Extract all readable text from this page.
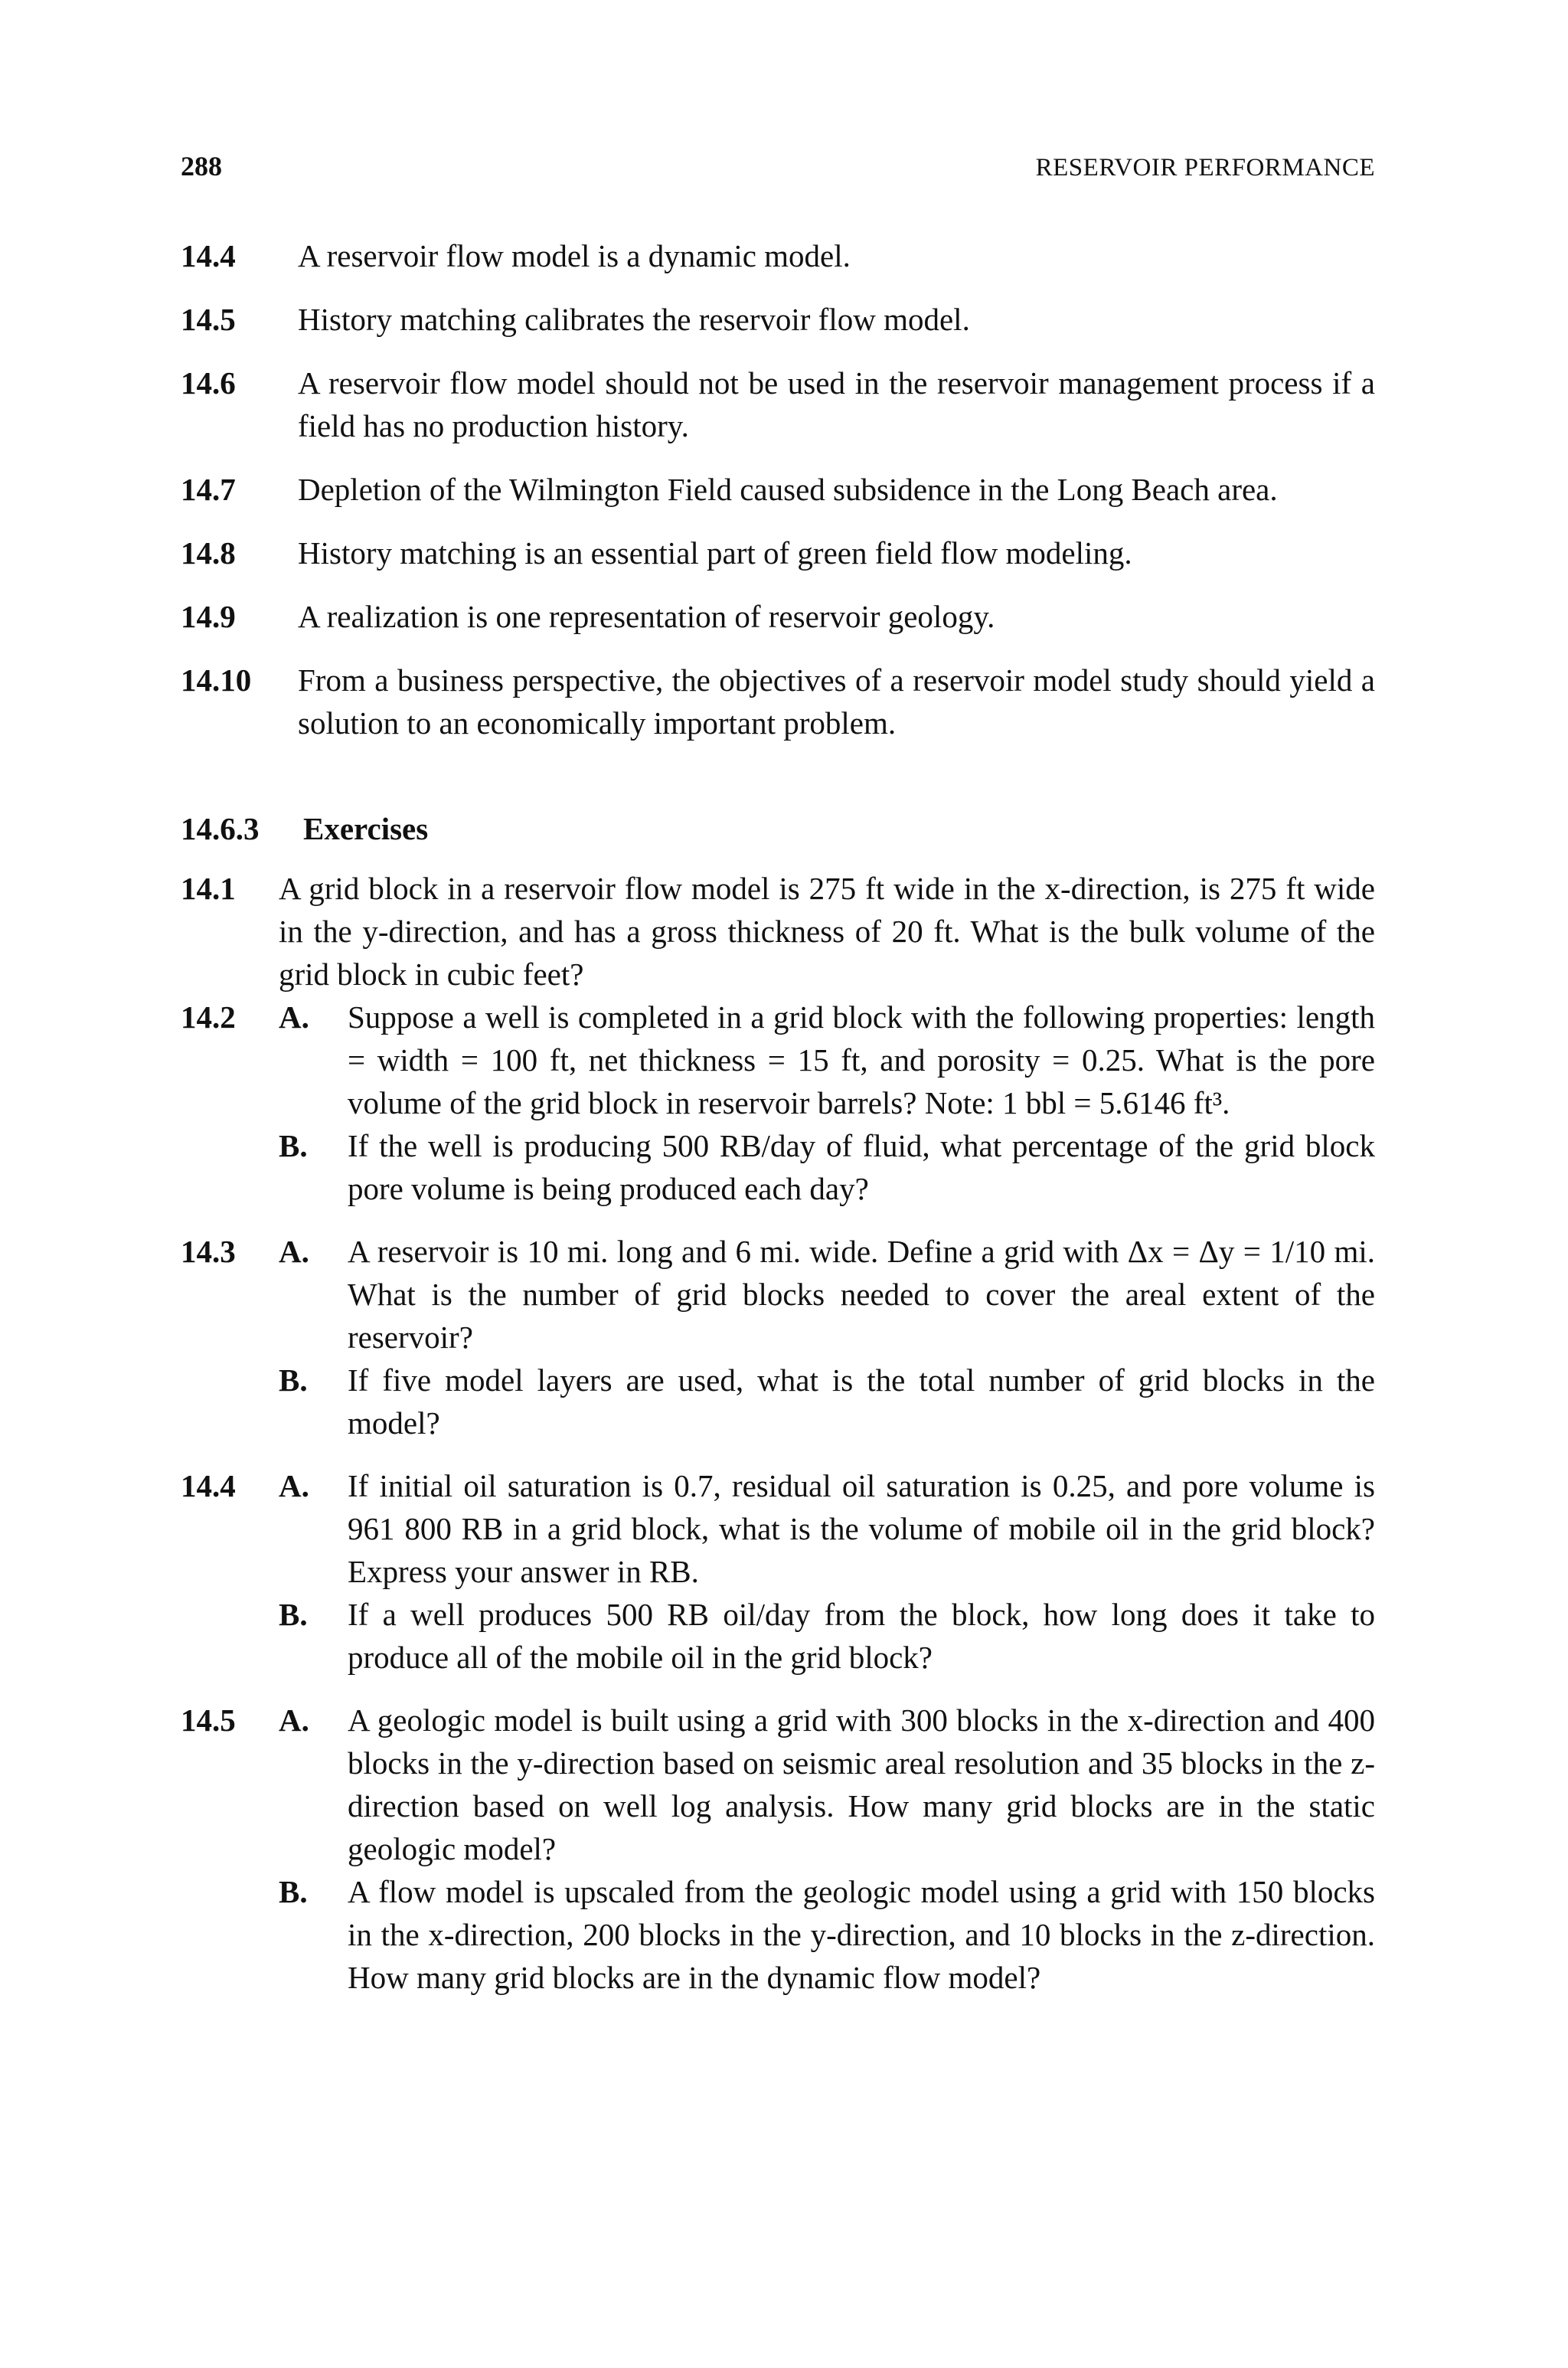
288	RESERVOIR PERFORMANCE
14.4	A reservoir flow model is a dynamic model.
14.5	History matching calibrates the reservoir flow model.
14.6	A reservoir flow model should not be used in the reservoir management process if a field has no production history.
14.7	Depletion of the Wilmington Field caused subsidence in the Long Beach area.
14.8	History matching is an essential part of green field flow modeling.
14.9	A realization is one representation of reservoir geology.
14.10	From a business perspective, the objectives of a reservoir model study should yield a solution to an economically important problem.
14.6.3 Exercises
14.1	A grid block in a reservoir flow model is 275 ft wide in the x-direction, is 275 ft wide in the y-direction, and has a gross thickness of 20 ft. What is the bulk volume of the grid block in cubic feet?
14.2	A.	Suppose a well is completed in a grid block with the following properties: length = width = 100 ft, net thickness = 15 ft, and porosity = 0.25. What is the pore volume of the grid block in reservoir barrels? Note: 1 bbl = 5.6146 ft³.
B.	If the well is producing 500 RB/day of fluid, what percentage of the grid block pore volume is being produced each day?
14.3	A.	A reservoir is 10 mi. long and 6 mi. wide. Define a grid with Δx = Δy = 1/10 mi. What is the number of grid blocks needed to cover the areal extent of the reservoir?
B.	If five model layers are used, what is the total number of grid blocks in the model?
14.4	A.	If initial oil saturation is 0.7, residual oil saturation is 0.25, and pore volume is 961 800 RB in a grid block, what is the volume of mobile oil in the grid block? Express your answer in RB.
B.	If a well produces 500 RB oil/day from the block, how long does it take to produce all of the mobile oil in the grid block?
14.5	A.	A geologic model is built using a grid with 300 blocks in the x-direction and 400 blocks in the y-direction based on seismic areal resolution and 35 blocks in the z-direction based on well log analysis. How many grid blocks are in the static geologic model?
B.	A flow model is upscaled from the geologic model using a grid with 150 blocks in the x-direction, 200 blocks in the y-direction, and 10 blocks in the z-direction. How many grid blocks are in the dynamic flow model?
